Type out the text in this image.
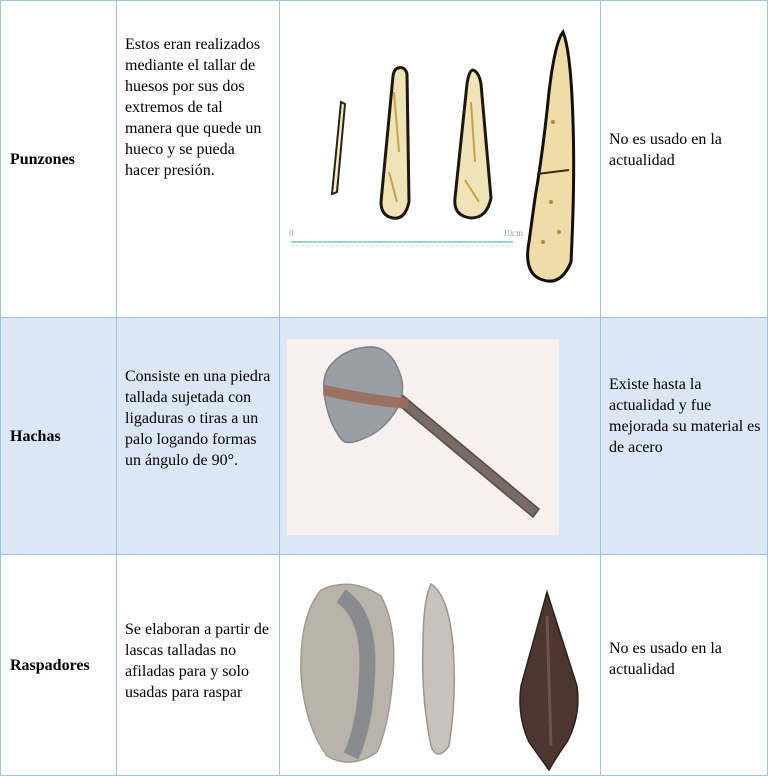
Punzones	Estos eran realizados mediante el tallar de huesos por sus dos extremos de tal manera que quede un hueco y se pueda hacer presión.	0 10cm	No es usado en la actualidad

Hachas	Consiste en una piedra tallada sujetada con ligaduras o tiras a un palo logando formas un ángulo de 90°.		Existe hasta la actualidad y fue mejorada su material es de acero

Raspadores	Se elaboran a partir de lascas talladas no afiladas para y solo usadas para raspar		No es usado en la actualidad
